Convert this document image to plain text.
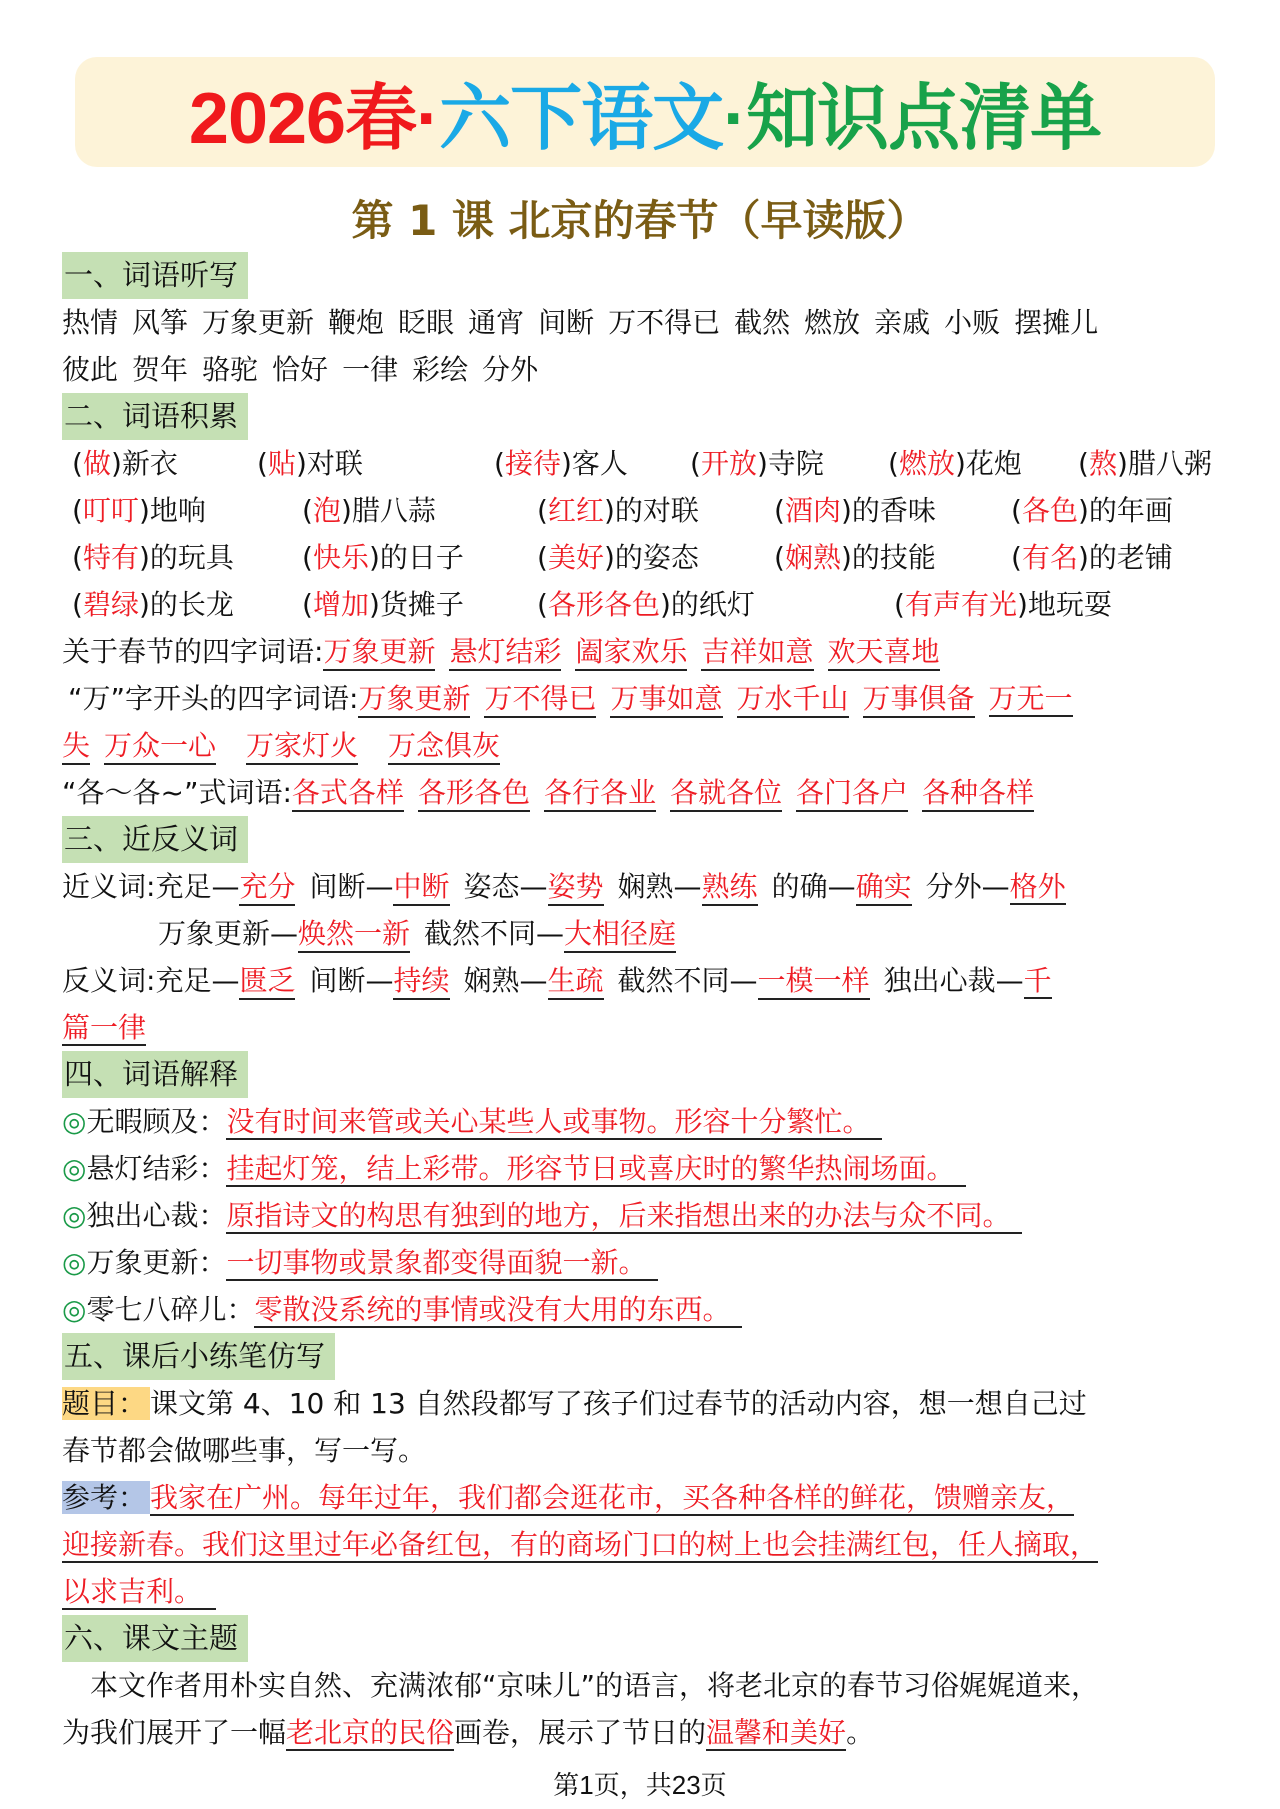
2026春· 六下语文 ·知识点清单
第 1 课 北京的春节（早读版）
一、词语听写
热情 风筝 万象更新 鞭炮 眨眼 通宵 间断 万不得已 截然 燃放 亲戚 小贩 摆摊儿
彼此 贺年 骆驼 恰好 一律 彩绘 分外
二、词语积累
(做)新衣	(贴)对联	(接待)客人	(开放)寺院	(燃放)花炮	(熬)腊八粥
(叮叮)地响	(泡)腊八蒜	(红红)的对联	(酒肉)的香味	(各色)的年画
(特有)的玩具 (快乐)的日子	(美好)的姿态	(娴熟)的技能	(有名)的老铺
(碧绿)的长龙 (增加)货摊子	(各形各色)的纸灯	(有声有光)地玩耍
关于春节的四字词语:万象更新 悬灯结彩 阖家欢乐 吉祥如意 欢天喜地
“万”字开头的四字词语:万象更新 万不得已 万事如意 万水千山 万事俱备 万无一
失 万众一心 万家灯火 万念俱灰
“各～各~”式词语:各式各样 各形各色 各行各业 各就各位 各门各户 各种各样
三、近反义词
近义词:充足—充分 间断—中断 姿态—姿势 娴熟—熟练 的确—确实 分外—格外
万象更新—焕然一新 截然不同—大相径庭
反义词:充足—匮乏 间断—持续 娴熟—生疏 截然不同—一模一样 独出心裁—千
篇一律
四、词语解释
◎无暇顾及：没有时间来管或关心某些人或事物。形容十分繁忙。
◎悬灯结彩：挂起灯笼，结上彩带。形容节日或喜庆时的繁华热闹场面。
◎独出心裁：原指诗文的构思有独到的地方，后来指想出来的办法与众不同。
◎万象更新：一切事物或景象都变得面貌一新。
◎零七八碎儿：零散没系统的事情或没有大用的东西。
五、课后小练笔仿写
题目： 课文第 4、10 和 13 自然段都写了孩子们过春节的活动内容，想一想自己过
春节都会做哪些事，写一写。
参考： 我家在广州。每年过年，我们都会逛花市，买各种各样的鲜花，馈赠亲友，
迎接新春。我们这里过年必备红包，有的商场门口的树上也会挂满红包，任人摘取，
以求吉利。
六、课文主题
本文作者用朴实自然、充满浓郁“京味儿”的语言，将老北京的春节习俗娓娓道来，
为我们展开了一幅老北京的民俗画卷，展示了节日的温馨和美好。
第1页，共23页
